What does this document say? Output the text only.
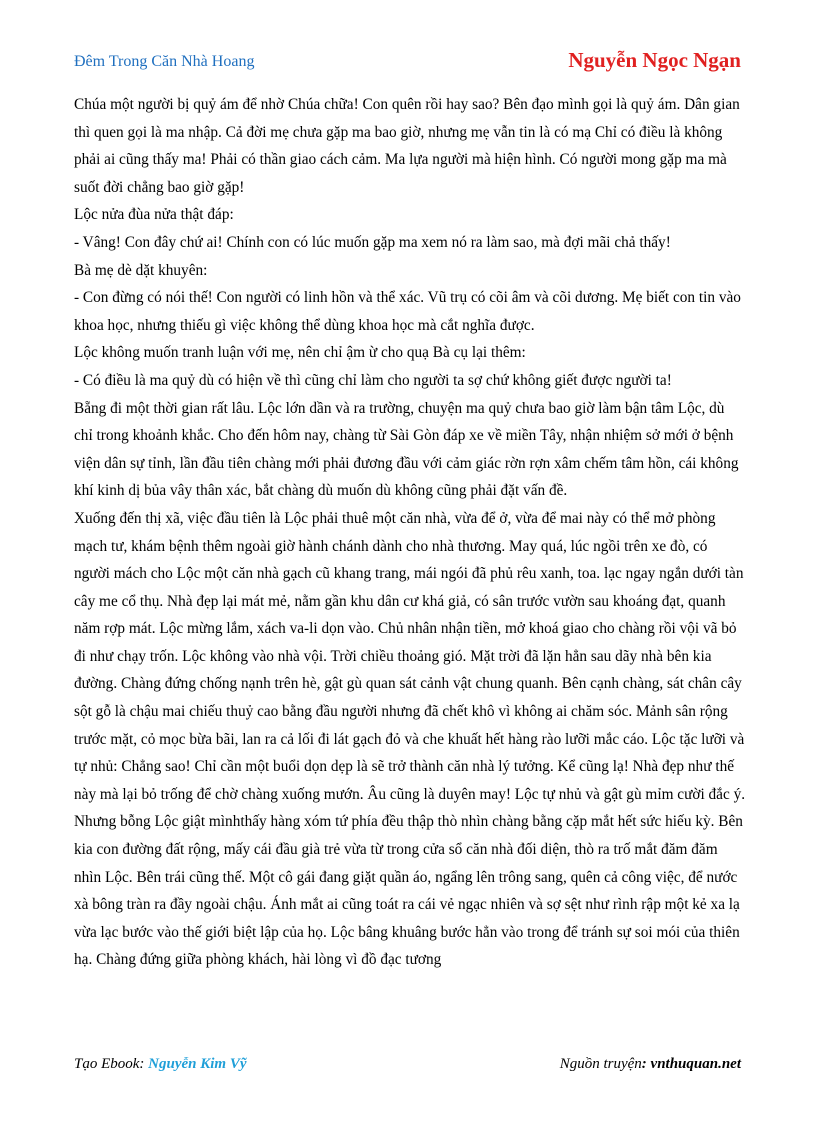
Đêm Trong Căn Nhà Hoang	Nguyễn Ngọc Ngạn

Chúa một người bị quỷ ám để nhờ Chúa chữa! Con quên rồi hay sao? Bên đạo mình gọi là quỷ ám. Dân gian thì quen gọi là ma nhập. Cả đời mẹ chưa gặp ma bao giờ, nhưng mẹ vẫn tin là có mạ Chỉ có điều là không phải ai cũng thấy ma! Phải có thần giao cách cảm. Ma lựa người mà hiện hình. Có người mong gặp ma mà suốt đời chẳng bao giờ gặp!

Lộc nửa đùa nửa thật đáp:

- Vâng! Con đây chứ ai! Chính con có lúc muốn gặp ma xem nó ra làm sao, mà đợi mãi chả thấy!

Bà mẹ dè dặt khuyên:

- Con đừng có nói thế! Con người có linh hồn và thể xác. Vũ trụ có cõi âm và cõi dương. Mẹ biết con tin vào khoa học, nhưng thiếu gì việc không thể dùng khoa học mà cắt nghĩa được.

Lộc không muốn tranh luận với mẹ, nên chỉ ậm ừ cho quạ Bà cụ lại thêm:

- Có điều là ma quỷ dù có hiện về thì cũng chỉ làm cho người ta sợ chứ không giết được người ta!

Bẵng đi một thời gian rất lâu. Lộc lớn dần và ra trường, chuyện ma quỷ chưa bao giờ làm bận tâm Lộc, dù chỉ trong khoảnh khắc. Cho đến hôm nay, chàng từ Sài Gòn đáp xe về miền Tây, nhận nhiệm sở mới ở bệnh viện dân sự tỉnh, lần đầu tiên chàng mới phải đương đầu với cảm giác rờn rợn xâm chếm tâm hồn, cái không khí kinh dị bủa vây thân xác, bắt chàng dù muốn dù không cũng phải đặt vấn đề.

Xuống đến thị xã, việc đầu tiên là Lộc phải thuê một căn nhà, vừa để ở, vừa để mai này có thể mở phòng mạch tư, khám bệnh thêm ngoài giờ hành chánh dành cho nhà thương. May quá, lúc ngồi trên xe đò, có người mách cho Lộc một căn nhà gạch cũ khang trang, mái ngói đã phủ rêu xanh, toa. lạc ngay ngắn dưới tàn cây me cổ thụ. Nhà đẹp lại mát mẻ, nằm gần khu dân cư khá giả, có sân trước vườn sau khoáng đạt, quanh năm rợp mát. Lộc mừng lắm, xách va-li dọn vào. Chủ nhân nhận tiền, mở khoá giao cho chàng rồi vội vã bỏ đi như chạy trốn. Lộc không vào nhà vội. Trời chiều thoảng gió. Mặt trời đã lặn hẳn sau dãy nhà bên kia đường. Chàng đứng chống nạnh trên hè, gật gù quan sát cảnh vật chung quanh. Bên cạnh chàng, sát chân cây sột gỗ là chậu mai chiếu thuỷ cao bằng đầu người nhưng đã chết khô vì không ai chăm sóc. Mảnh sân rộng trước mặt, cỏ mọc bừa bãi, lan ra cả lối đi lát gạch đỏ và che khuất hết hàng rào lưỡi mắc cáo. Lộc tặc lưỡi và tự nhủ: Chẳng sao! Chỉ cần một buổi dọn dẹp là sẽ trở thành căn nhà lý tưởng. Kể cũng lạ! Nhà đẹp như thế này mà lại bỏ trống để chờ chàng xuống mướn. Âu cũng là duyên may! Lộc tự nhủ và gật gù mỉm cười đắc ý.

Nhưng bỗng Lộc giật mìnhthấy hàng xóm tứ phía đều thập thò nhìn chàng bằng cặp mắt hết sức hiếu kỳ. Bên kia con đường đất rộng, mấy cái đầu già trẻ vừa từ trong cửa sổ căn nhà đối diện, thò ra trố mắt đăm đăm nhìn Lộc. Bên trái cũng thế. Một cô gái đang giặt quần áo, ngẩng lên trông sang, quên cả công việc, để nước xà bông tràn ra đầy ngoài chậu. Ánh mắt ai cũng toát ra cái vẻ ngạc nhiên và sợ sệt như rình rập một kẻ xa lạ vừa lạc bước vào thế giới biệt lập của họ. Lộc bâng khuâng bước hẳn vào trong để tránh sự soi mói của thiên hạ. Chàng đứng giữa phòng khách, hài lòng vì đồ đạc tương

Tạo Ebook: Nguyễn Kim Vỹ	Nguồn truyện: vnthuquan.net
